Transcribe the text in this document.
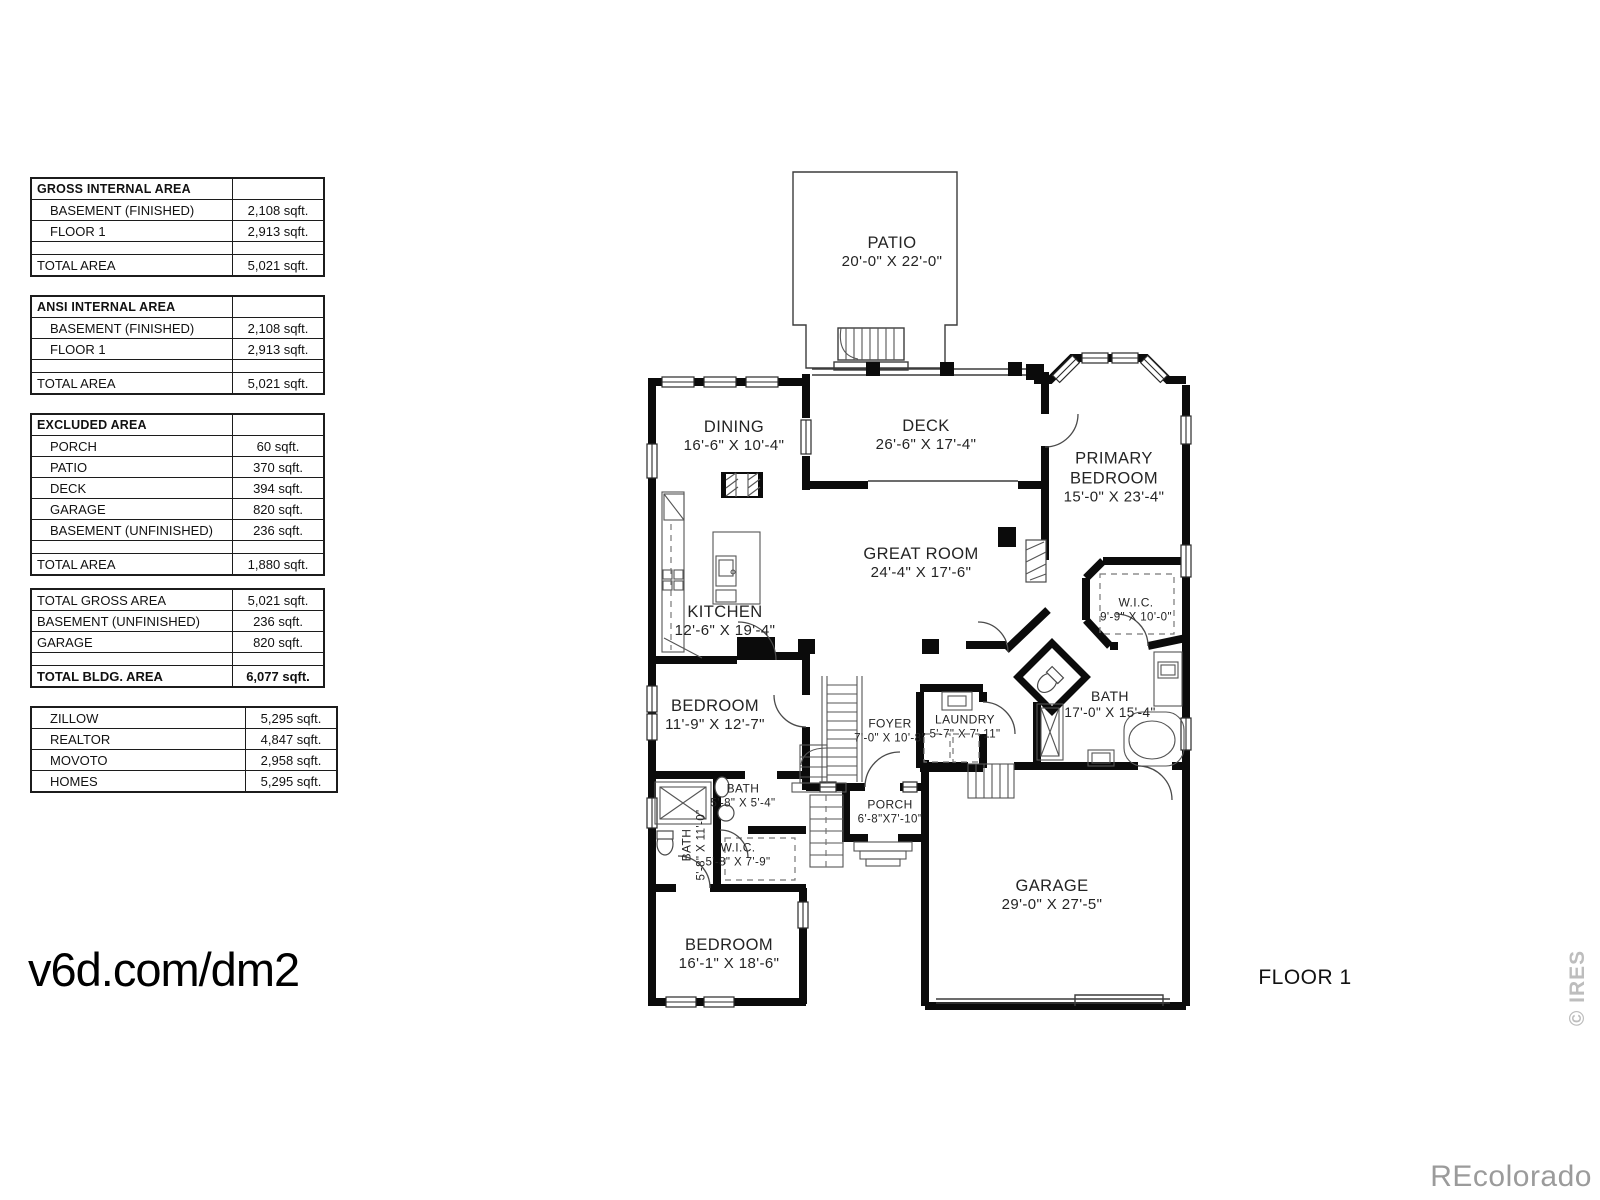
GROSS INTERNAL AREA	
BASEMENT (FINISHED)	2,108 sqft.
FLOOR 1	2,913 sqft.

TOTAL AREA	5,021 sqft.
ANSI INTERNAL AREA	
BASEMENT (FINISHED)	2,108 sqft.
FLOOR 1	2,913 sqft.

TOTAL AREA	5,021 sqft.
EXCLUDED AREA	
PORCH	60 sqft.
PATIO	370 sqft.
DECK	394 sqft.
GARAGE	820 sqft.
BASEMENT (UNFINISHED)	236 sqft.

TOTAL AREA	1,880 sqft.
TOTAL GROSS AREA	5,021 sqft.
BASEMENT (UNFINISHED)	236 sqft.
GARAGE	820 sqft.

TOTAL BLDG. AREA	6,077 sqft.
ZILLOW	5,295 sqft.
REALTOR	4,847 sqft.
MOVOTO	2,958 sqft.
HOMES	5,295 sqft.
PATIO
20'-0" X 22'-0"
DINING
16'-6" X 10'-4"
DECK
26'-6" X 17'-4"
PRIMARY BEDROOM
15'-0" X 23'-4"
GREAT ROOM
24'-4" X 17'-6"
KITCHEN
12'-6" X 19'-4"
W.I.C.
9'-9" X 10'-0"
BATH
17'-0" X 15'-4"
BEDROOM
11'-9" X 12'-7"	FOYER
7'-0" X 10'-8"
LAUNDRY
5'-7" X 7'-11"
BATH
5'-8" X 5'-4"
W.I.C.
5'-8" X 7'-9"
BATH 5'-8" X 11'-0"
PORCH
6'-8"X7'-10"
GARAGE
29'-0" X 27'-5"
BEDROOM
16'-1" X 18'-6"
v6d.com/dm2	FLOOR 1
REcolorado
© IRES
